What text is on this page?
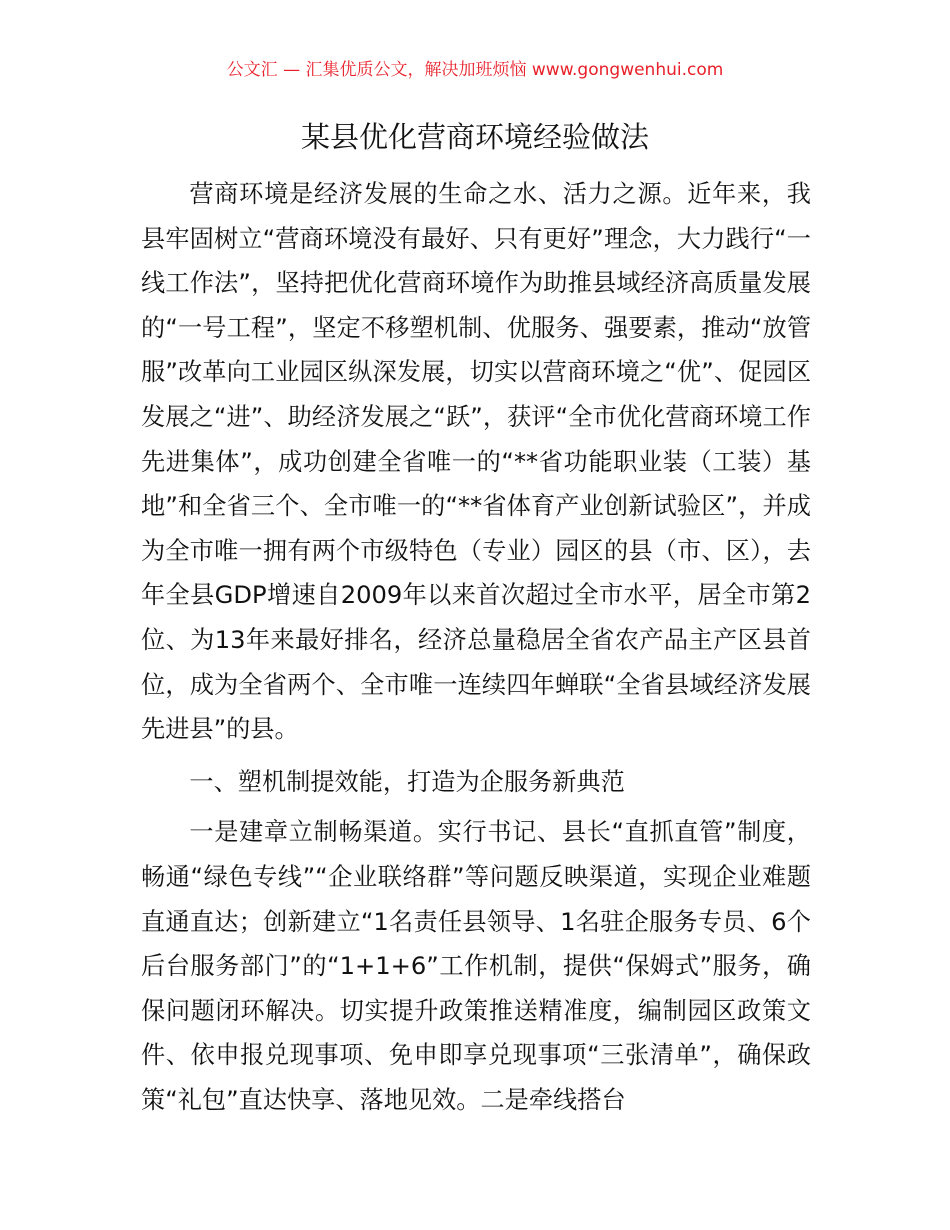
公文汇 — 汇集优质公文，解决加班烦恼 www.gongwenhui.com
某县优化营商环境经验做法

营商环境是经济发展的生命之水、活力之源。近年来，我县牢固树立“营商环境没有最好、只有更好”理念，大力践行“一线工作法”，坚持把优化营商环境作为助推县域经济高质量发展的“一号工程”，坚定不移塑机制、优服务、强要素，推动“放管服”改革向工业园区纵深发展，切实以营商环境之“优”、促园区发展之“进”、助经济发展之“跃”，获评“全市优化营商环境工作先进集体”，成功创建全省唯一的“**省功能职业装（工装）基地”和全省三个、全市唯一的“**省体育产业创新试验区”，并成为全市唯一拥有两个市级特色（专业）园区的县（市、区），去年全县GDP增速自2009年以来首次超过全市水平，居全市第2位、为13年来最好排名，经济总量稳居全省农产品主产区县首位，成为全省两个、全市唯一连续四年蝉联“全省县域经济发展先进县”的县。

一、塑机制提效能，打造为企服务新典范

一是建章立制畅渠道。实行书记、县长“直抓直管”制度，畅通“绿色专线”“企业联络群”等问题反映渠道，实现企业难题直通直达；创新建立“1名责任县领导、1名驻企服务专员、6个后台服务部门”的“1+1+6”工作机制，提供“保姆式”服务，确保问题闭环解决。切实提升政策推送精准度，编制园区政策文件、依申报兑现事项、免申即享兑现事项“三张清单”，确保政策“礼包”直达快享、落地见效。二是牵线搭台
